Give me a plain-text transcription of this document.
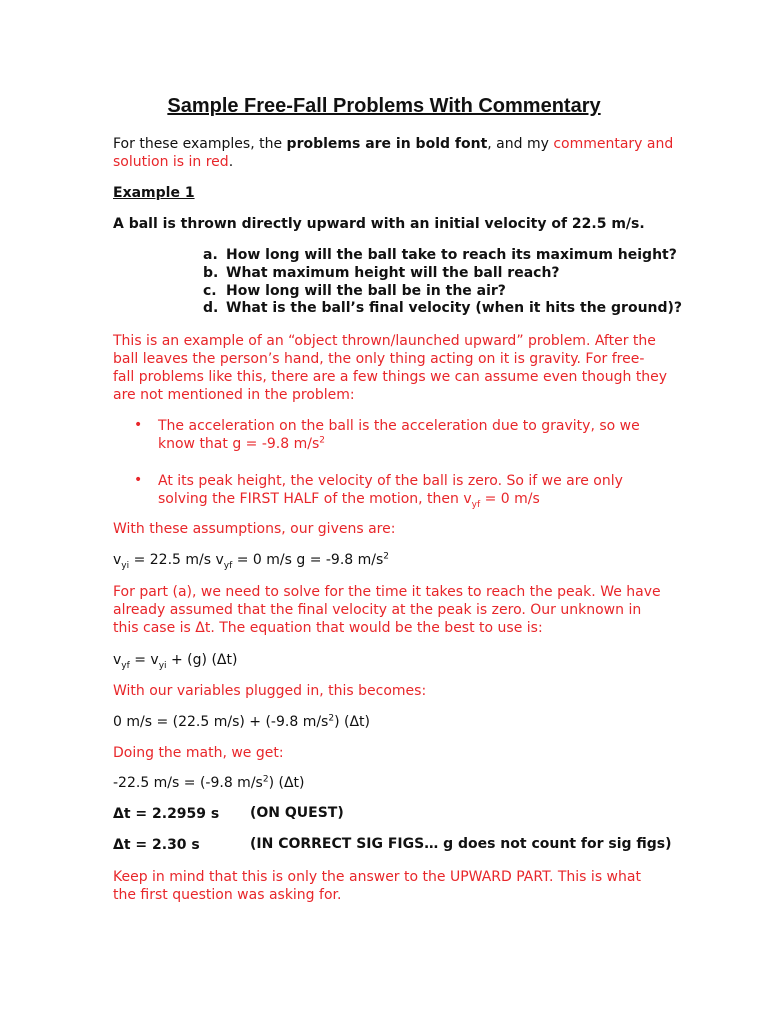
Sample Free-Fall Problems With Commentary
For these examples, the problems are in bold font, and my commentary and
solution is in red.
Example 1
A ball is thrown directly upward with an initial velocity of 22.5 m/s.
a. How long will the ball take to reach its maximum height?
b. What maximum height will the ball reach?
c. How long will the ball be in the air?
d. What is the ball’s final velocity (when it hits the ground)?
This is an example of an “object thrown/launched upward” problem. After the
ball leaves the person’s hand, the only thing acting on it is gravity. For free-
fall problems like this, there are a few things we can assume even though they
are not mentioned in the problem:
• The acceleration on the ball is the acceleration due to gravity, so we
know that g = -9.8 $m/s^2$
• At its peak height, the velocity of the ball is zero. So if we are only
solving the FIRST HALF of the motion, then $v_{yf} = 0$ m/s
With these assumptions, our givens are:
$v_{yi} = 22.5$ m/s $v_{yf} = 0$ m/s g = -9.8 $m/s^2$
For part (a), we need to solve for the time it takes to reach the peak. We have
already assumed that the final velocity at the peak is zero. Our unknown in
this case is Δt. The equation that would be the best to use is:
$v_{yf} = v_{yi} + (g)$ (Δt)
With our variables plugged in, this becomes:
0 m/s = (22.5 m/s) + (-9.8 $m/s^2$) (Δt)
Doing the math, we get:
-22.5 m/s = (-9.8 $m/s^2$) (Δt)
Δt = 2.2959 s (ON QUEST)
Δt = 2.30 s	(IN CORRECT SIG FIGS… g does not count for sig figs)
Keep in mind that this is only the answer to the UPWARD PART. This is what
the first question was asking for.
